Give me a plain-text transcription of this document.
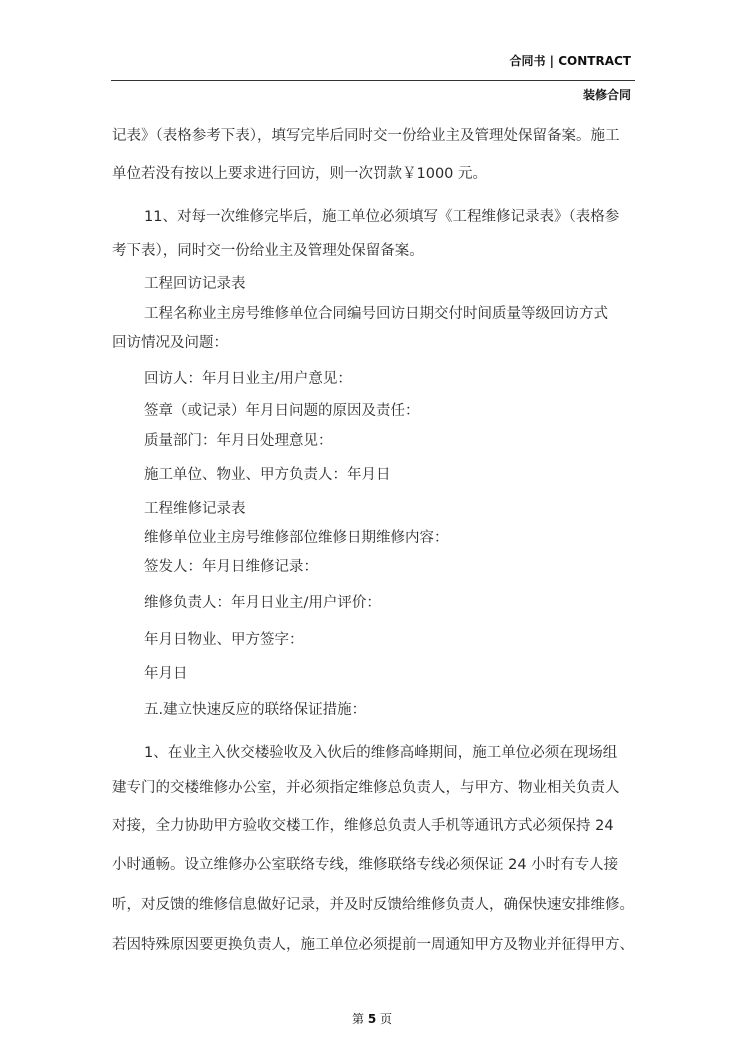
合同书 | CONTRACT
装修合同
记表》（表格参考下表），填写完毕后同时交一份给业主及管理处保留备案。施工
单位若没有按以上要求进行回访，则一次罚款￥1000 元。
11、对每一次维修完毕后，施工单位必须填写《工程维修记录表》（表格参
考下表），同时交一份给业主及管理处保留备案。
工程回访记录表
工程名称业主房号维修单位合同编号回访日期交付时间质量等级回访方式
回访情况及问题：
回访人：年月日业主/用户意见：
签章（或记录）年月日问题的原因及责任：
质量部门：年月日处理意见：
施工单位、物业、甲方负责人：年月日
工程维修记录表
维修单位业主房号维修部位维修日期维修内容：
签发人：年月日维修记录：
维修负责人：年月日业主/用户评价：
年月日物业、甲方签字：
年月日
五.建立快速反应的联络保证措施：
1、在业主入伙交楼验收及入伙后的维修高峰期间，施工单位必须在现场组
建专门的交楼维修办公室，并必须指定维修总负责人，与甲方、物业相关负责人
对接，全力协助甲方验收交楼工作，维修总负责人手机等通讯方式必须保持 24
小时通畅。设立维修办公室联络专线，维修联络专线必须保证 24 小时有专人接
听，对反馈的维修信息做好记录，并及时反馈给维修负责人，确保快速安排维修。
若因特殊原因要更换负责人，施工单位必须提前一周通知甲方及物业并征得甲方、
第 5 页
